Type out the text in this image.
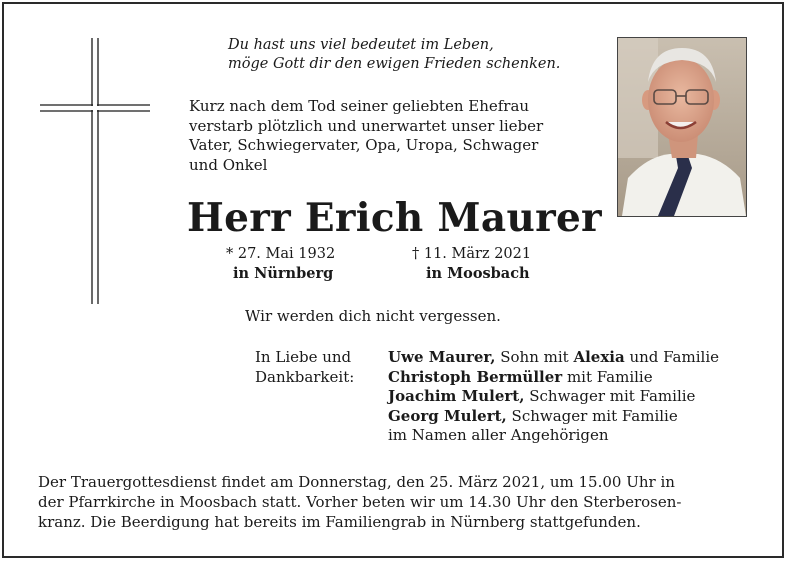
Du hast uns viel bedeutet im Leben,
möge Gott dir den ewigen Frieden schenken.
Kurz nach dem Tod seiner geliebten Ehefrau
verstarb plötzlich und unerwartet unser lieber
Vater, Schwiegervater, Opa, Uropa, Schwager
und Onkel
Herr Erich Maurer
* 27. Mai 1932
in Nürnberg
† 11. März 2021
in Moosbach
Wir werden dich nicht vergessen.
In Liebe und
Dankbarkeit:
Uwe Maurer, Sohn mit Alexia und Familie
Christoph Bermüller mit Familie
Joachim Mulert, Schwager mit Familie
Georg Mulert, Schwager mit Familie
im Namen aller Angehörigen
Der Trauergottesdienst findet am Donnerstag, den 25. März 2021, um 15.00 Uhr in
der Pfarrkirche in Moosbach statt. Vorher beten wir um 14.30 Uhr den Sterberosen-
kranz. Die Beerdigung hat bereits im Familiengrab in Nürnberg stattgefunden.
